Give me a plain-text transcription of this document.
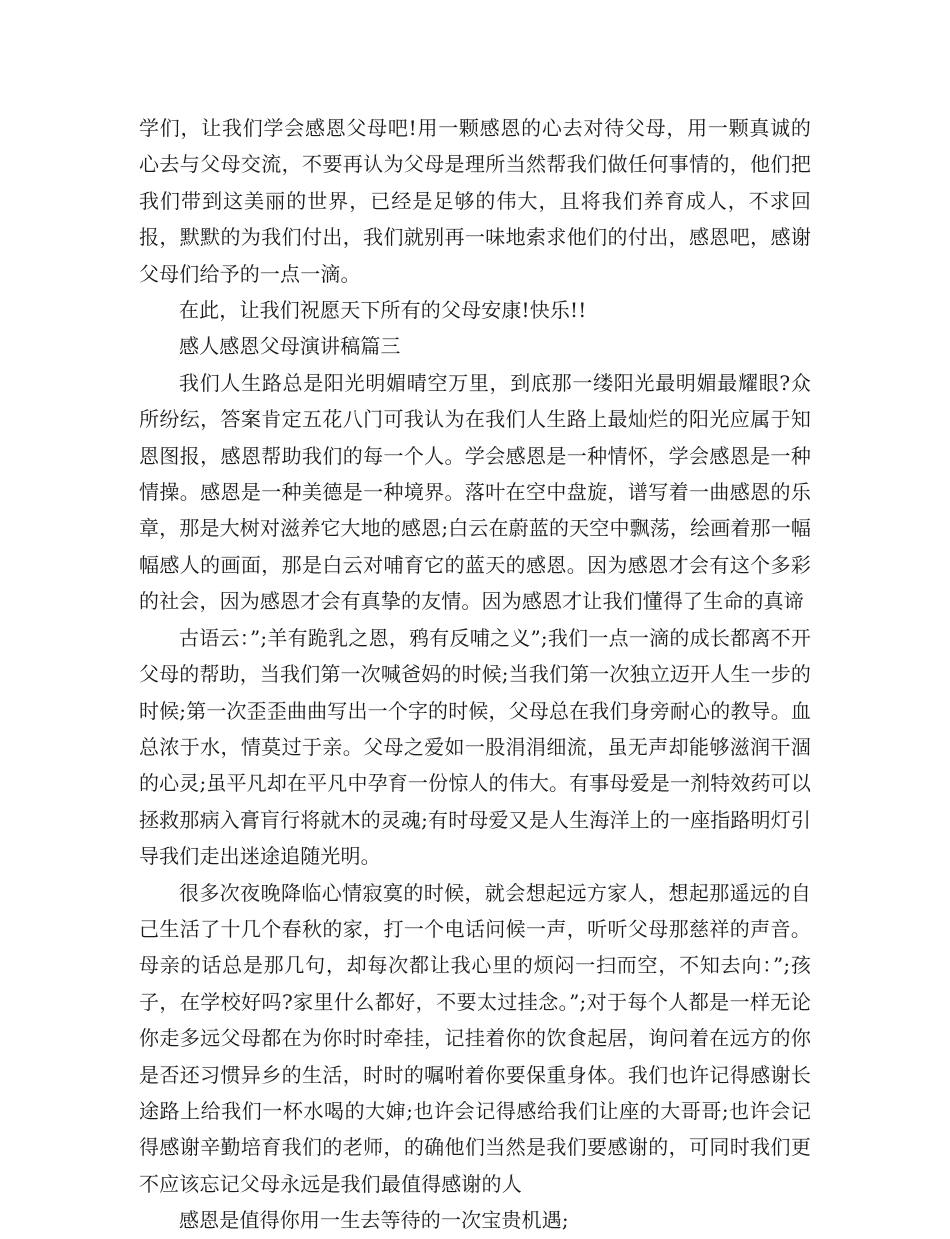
学们，让我们学会感恩父母吧!用一颗感恩的心去对待父母，用一颗真诚的心去与父母交流，不要再认为父母是理所当然帮我们做任何事情的，他们把我们带到这美丽的世界，已经是足够的伟大，且将我们养育成人，不求回报，默默的为我们付出，我们就别再一味地索求他们的付出，感恩吧，感谢父母们给予的一点一滴。

在此，让我们祝愿天下所有的父母安康!快乐!!

感人感恩父母演讲稿篇三

我们人生路总是阳光明媚晴空万里，到底那一缕阳光最明媚最耀眼?众所纷纭，答案肯定五花八门可我认为在我们人生路上最灿烂的阳光应属于知恩图报，感恩帮助我们的每一个人。学会感恩是一种情怀，学会感恩是一种情操。感恩是一种美德是一种境界。落叶在空中盘旋，谱写着一曲感恩的乐章，那是大树对滋养它大地的感恩;白云在蔚蓝的天空中飘荡，绘画着那一幅幅感人的画面，那是白云对哺育它的蓝天的感恩。因为感恩才会有这个多彩的社会，因为感恩才会有真挚的友情。因为感恩才让我们懂得了生命的真谛

古语云：”;羊有跪乳之恩，鸦有反哺之义”;我们一点一滴的成长都离不开父母的帮助，当我们第一次喊爸妈的时候;当我们第一次独立迈开人生一步的时候;第一次歪歪曲曲写出一个字的时候，父母总在我们身旁耐心的教导。血总浓于水，情莫过于亲。父母之爱如一股涓涓细流，虽无声却能够滋润干涸的心灵;虽平凡却在平凡中孕育一份惊人的伟大。有事母爱是一剂特效药可以拯救那病入膏肓行将就木的灵魂;有时母爱又是人生海洋上的一座指路明灯引导我们走出迷途追随光明。

很多次夜晚降临心情寂寞的时候，就会想起远方家人，想起那遥远的自己生活了十几个春秋的家，打一个电话问候一声，听听父母那慈祥的声音。母亲的话总是那几句，却每次都让我心里的烦闷一扫而空，不知去向：”;孩子，在学校好吗?家里什么都好，不要太过挂念。”;对于每个人都是一样无论你走多远父母都在为你时时牵挂，记挂着你的饮食起居，询问着在远方的你是否还习惯异乡的生活，时时的嘱咐着你要保重身体。我们也许记得感谢长途路上给我们一杯水喝的大婶;也许会记得感给我们让座的大哥哥;也许会记得感谢辛勤培育我们的老师，的确他们当然是我们要感谢的，可同时我们更不应该忘记父母永远是我们最值得感谢的人

感恩是值得你用一生去等待的一次宝贵机遇;
